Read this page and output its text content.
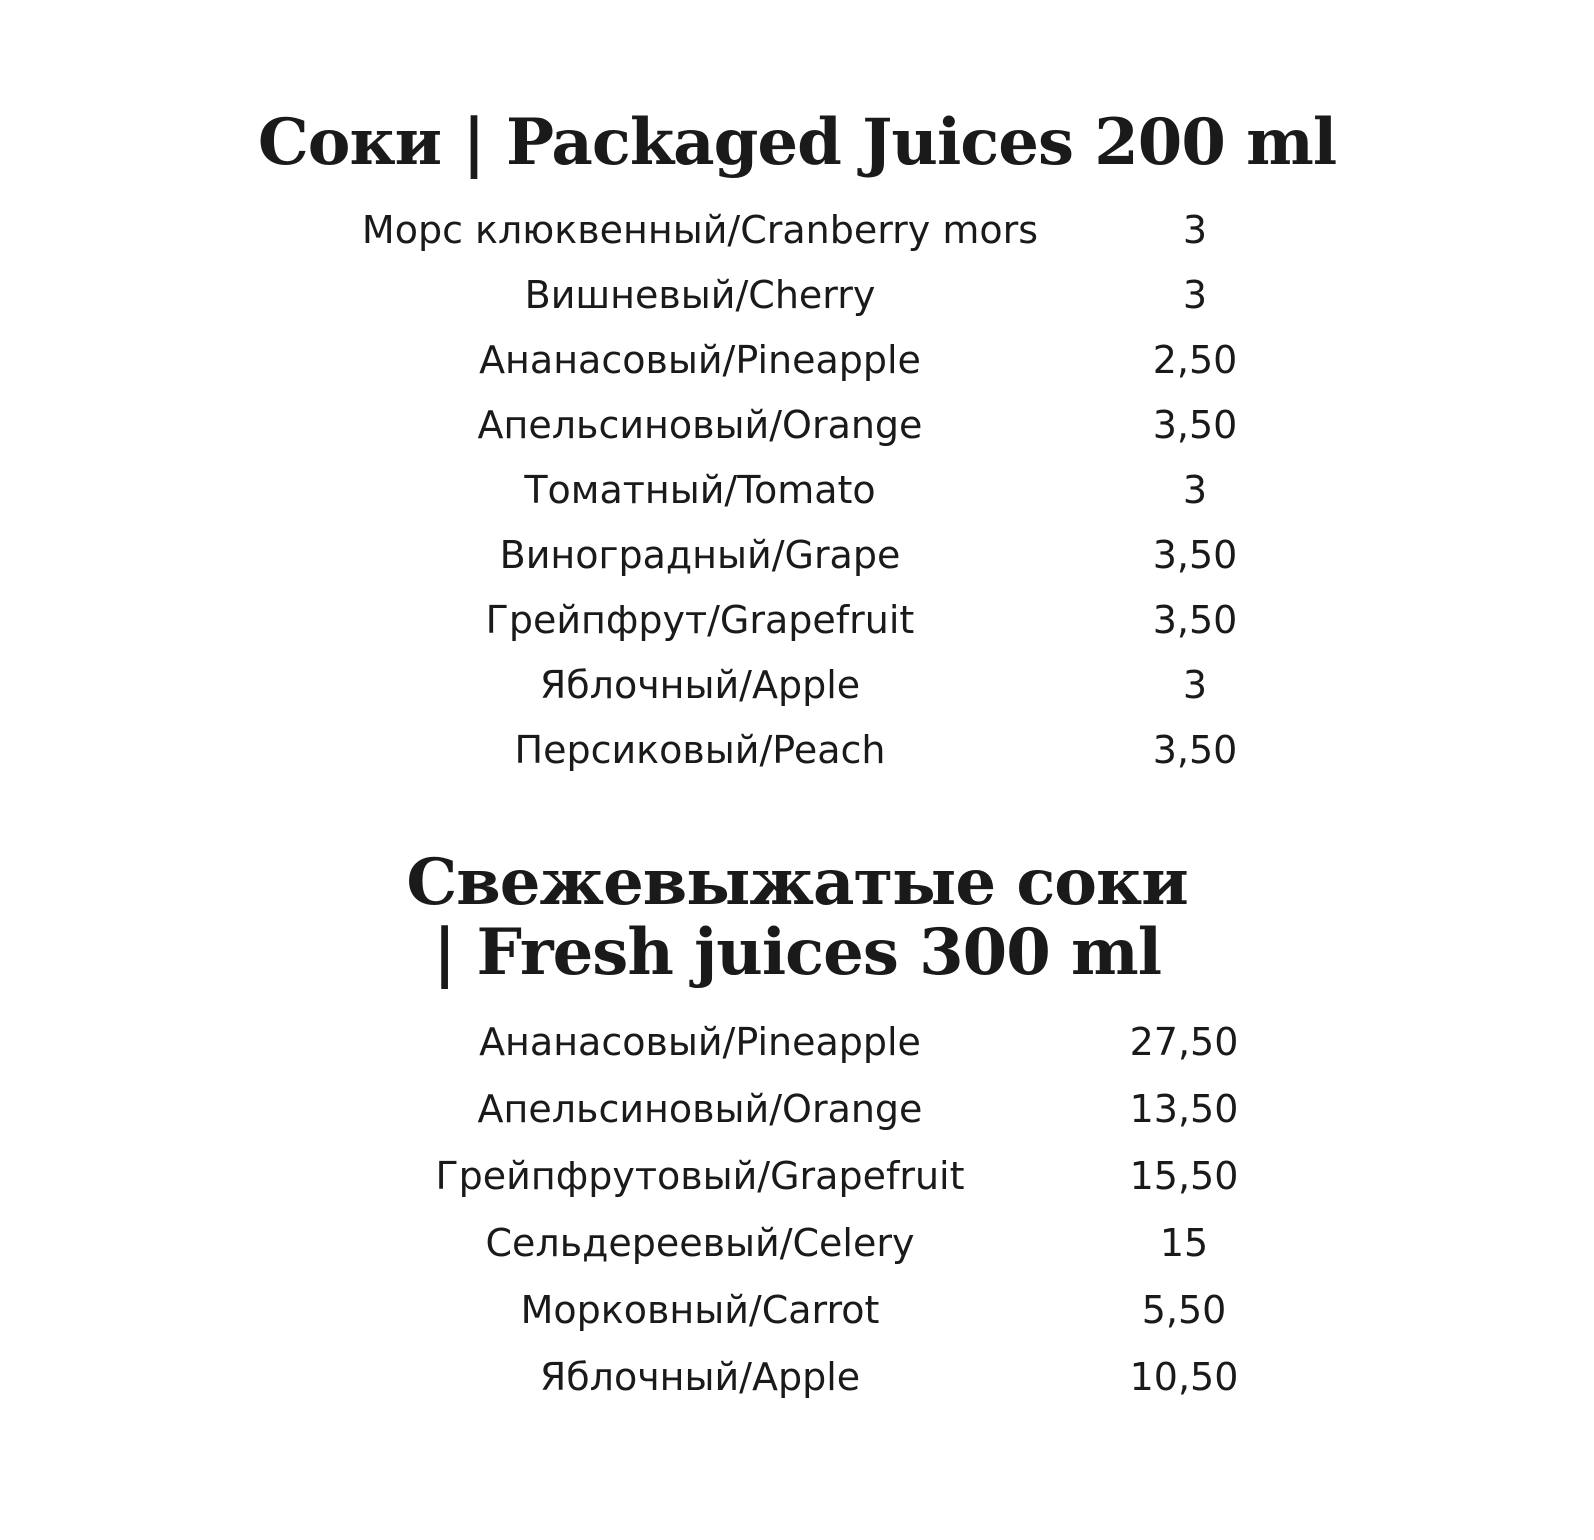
Соки | Packaged Juices 200 ml
Морс клюквенный/Cranberry mors	3
Вишневый/Cherry	3
Ананасовый/Pineapple	2,50
Апельсиновый/Orange	3,50
Томатный/Tomato	3
Виноградный/Grape	3,50
Грейпфрут/Grapefruit	3,50
Яблочный/Apple	3
Персиковый/Peach	3,50
Свежевыжатые соки
| Fresh juices 300 ml
Ананасовый/Pineapple	27,50
Апельсиновый/Orange	13,50
Грейпфрутовый/Grapefruit	15,50
Сельдереевый/Celery	15
Морковный/Carrot	5,50
Яблочный/Apple	10,50
